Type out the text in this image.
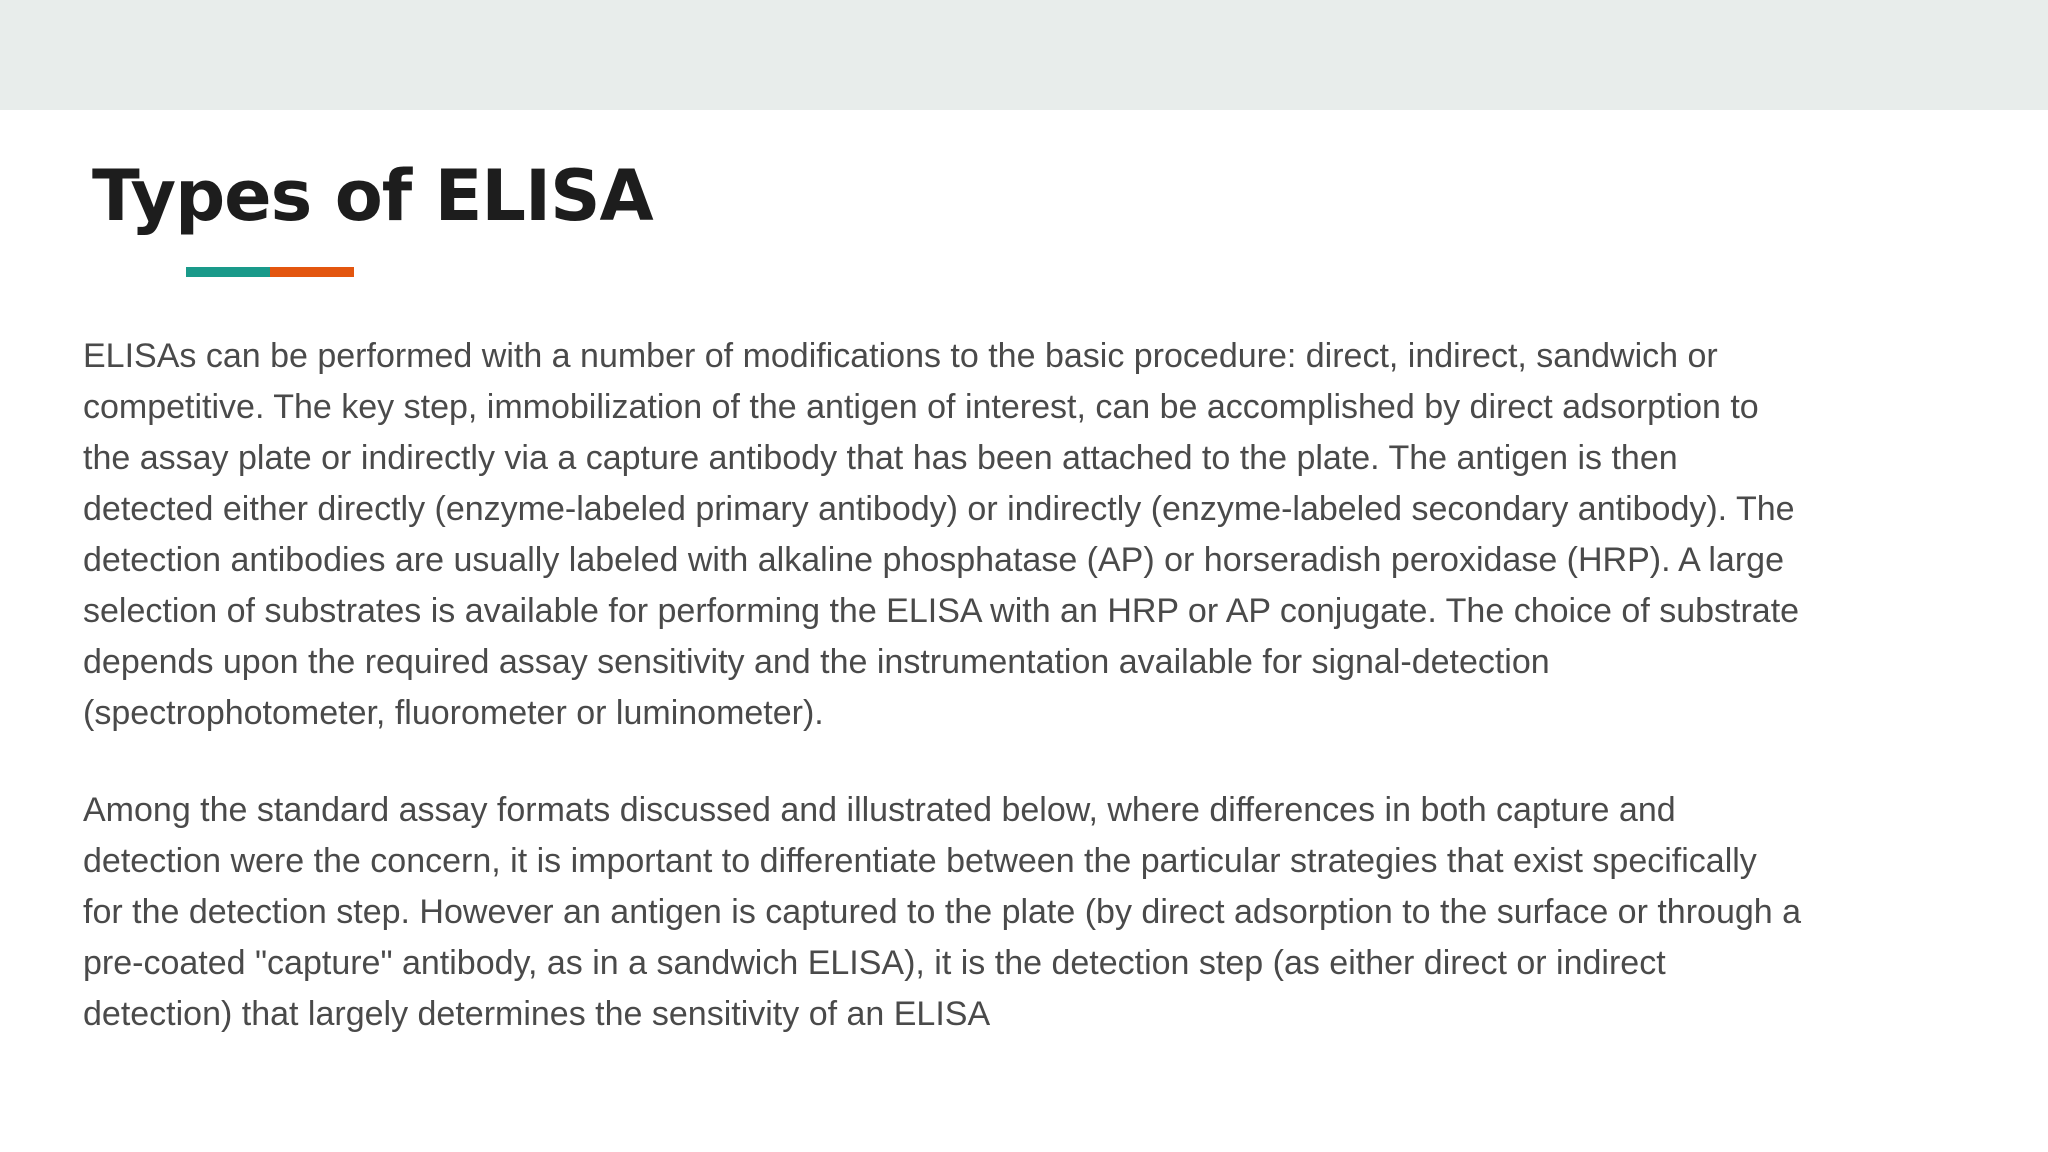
Types of ELISA

ELISAs can be performed with a number of modifications to the basic procedure: direct, indirect, sandwich or competitive. The key step, immobilization of the antigen of interest, can be accomplished by direct adsorption to the assay plate or indirectly via a capture antibody that has been attached to the plate. The antigen is then detected either directly (enzyme-labeled primary antibody) or indirectly (enzyme-labeled secondary antibody). The detection antibodies are usually labeled with alkaline phosphatase (AP) or horseradish peroxidase (HRP). A large selection of substrates is available for performing the ELISA with an HRP or AP conjugate. The choice of substrate depends upon the required assay sensitivity and the instrumentation available for signal-detection (spectrophotometer, fluorometer or luminometer).

Among the standard assay formats discussed and illustrated below, where differences in both capture and detection were the concern, it is important to differentiate between the particular strategies that exist specifically for the detection step. However an antigen is captured to the plate (by direct adsorption to the surface or through a pre-coated "capture" antibody, as in a sandwich ELISA), it is the detection step (as either direct or indirect detection) that largely determines the sensitivity of an ELISA
